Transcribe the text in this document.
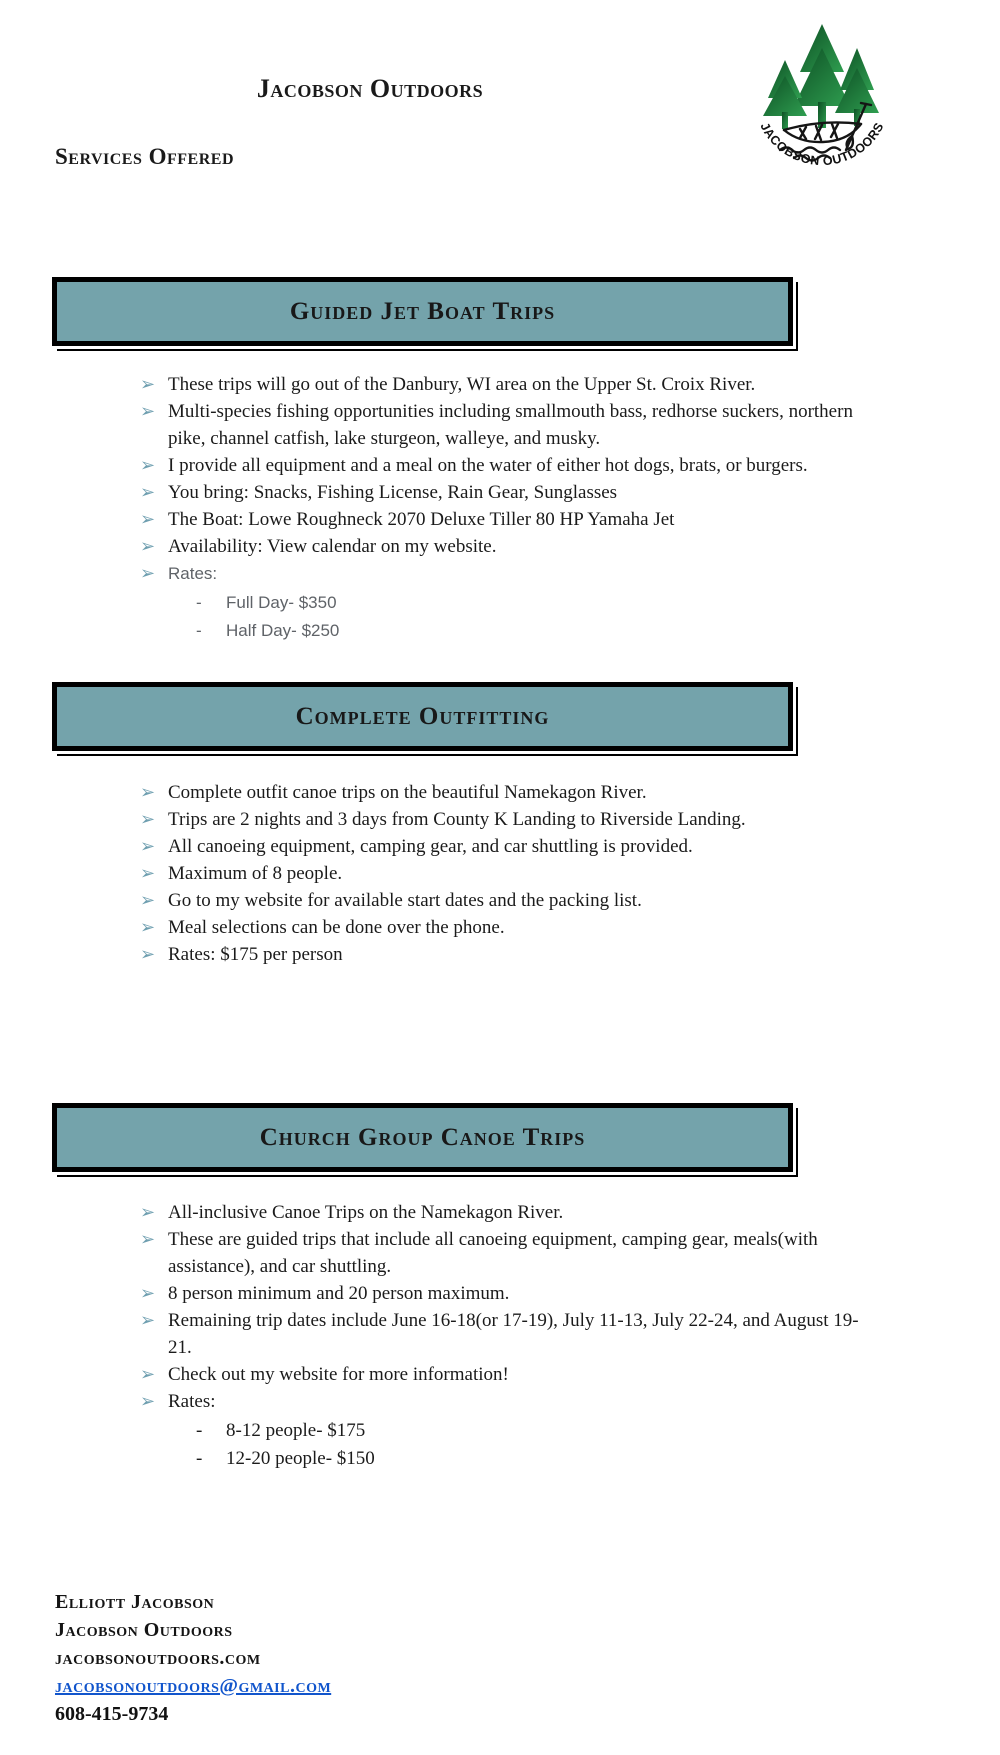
Jacobson Outdoors
JACOBSON OUTDOORS
Services Offered
Guided Jet Boat Trips
➢ These trips will go out of the Danbury, WI area on the Upper St. Croix River.
➢ Multi-species fishing opportunities including smallmouth bass, redhorse suckers, northern pike, channel catfish, lake sturgeon, walleye, and musky.
➢ I provide all equipment and a meal on the water of either hot dogs, brats, or burgers.
➢ You bring: Snacks, Fishing License, Rain Gear, Sunglasses
➢ The Boat: Lowe Roughneck 2070 Deluxe Tiller 80 HP Yamaha Jet
➢ Availability: View calendar on my website.
➢ Rates:
- Full Day- $350
- Half Day- $250
Complete Outfitting
➢ Complete outfit canoe trips on the beautiful Namekagon River.
➢ Trips are 2 nights and 3 days from County K Landing to Riverside Landing.
➢ All canoeing equipment, camping gear, and car shuttling is provided.
➢ Maximum of 8 people.
➢ Go to my website for available start dates and the packing list.
➢ Meal selections can be done over the phone.
➢ Rates: $175 per person
Church Group Canoe Trips
➢ All-inclusive Canoe Trips on the Namekagon River.
➢ These are guided trips that include all canoeing equipment, camping gear, meals(with assistance), and car shuttling.
➢ 8 person minimum and 20 person maximum.
➢ Remaining trip dates include June 16-18(or 17-19), July 11-13, July 22-24, and August 19-21.
➢ Check out my website for more information!
➢ Rates:
- 8-12 people- $175
- 12-20 people- $150
Elliott Jacobson
Jacobson Outdoors
jacobsonoutdoors.com
jacobsonoutdoors@gmail.com
608-415-9734
